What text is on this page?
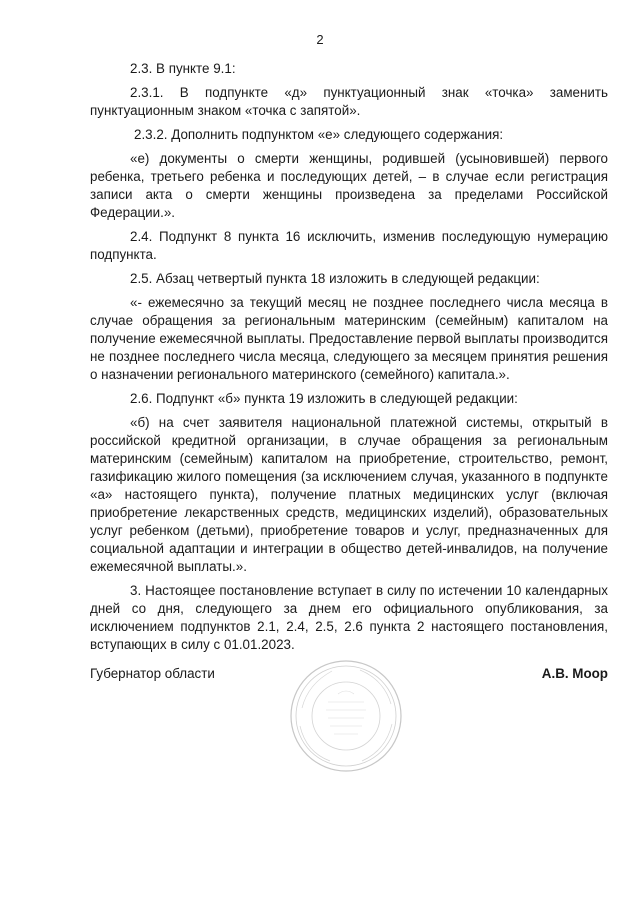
2

2.3. В пункте 9.1:

2.3.1. В подпункте «д» пунктуационный знак «точка» заменить пунктуационным знаком «точка с запятой».

2.3.2. Дополнить подпунктом «е» следующего содержания:

«е) документы о смерти женщины, родившей (усыновившей) первого ребенка, третьего ребенка и последующих детей, – в случае если регистрация записи акта о смерти женщины произведена за пределами Российской Федерации.».

2.4. Подпункт 8 пункта 16 исключить, изменив последующую нумерацию подпункта.

2.5. Абзац четвертый пункта 18 изложить в следующей редакции:

«- ежемесячно за текущий месяц не позднее последнего числа месяца в случае обращения за региональным материнским (семейным) капиталом на получение ежемесячной выплаты. Предоставление первой выплаты производится не позднее последнего числа месяца, следующего за месяцем принятия решения о назначении регионального материнского (семейного) капитала.».

2.6. Подпункт «б» пункта 19 изложить в следующей редакции:

«б) на счет заявителя национальной платежной системы, открытый в российской кредитной организации, в случае обращения за региональным материнским (семейным) капиталом на приобретение, строительство, ремонт, газификацию жилого помещения (за исключением случая, указанного в подпункте «а» настоящего пункта), получение платных медицинских услуг (включая приобретение лекарственных средств, медицинских изделий), образовательных услуг ребенком (детьми), приобретение товаров и услуг, предназначенных для социальной адаптации и интеграции в общество детей-инвалидов, на получение ежемесячной выплаты.».

3. Настоящее постановление вступает в силу по истечении 10 календарных дней со дня, следующего за днем его официального опубликования, за исключением подпунктов 2.1, 2.4, 2.5, 2.6 пункта 2 настоящего постановления, вступающих в силу с 01.01.2023.

Губернатор области	А.В. Моор
